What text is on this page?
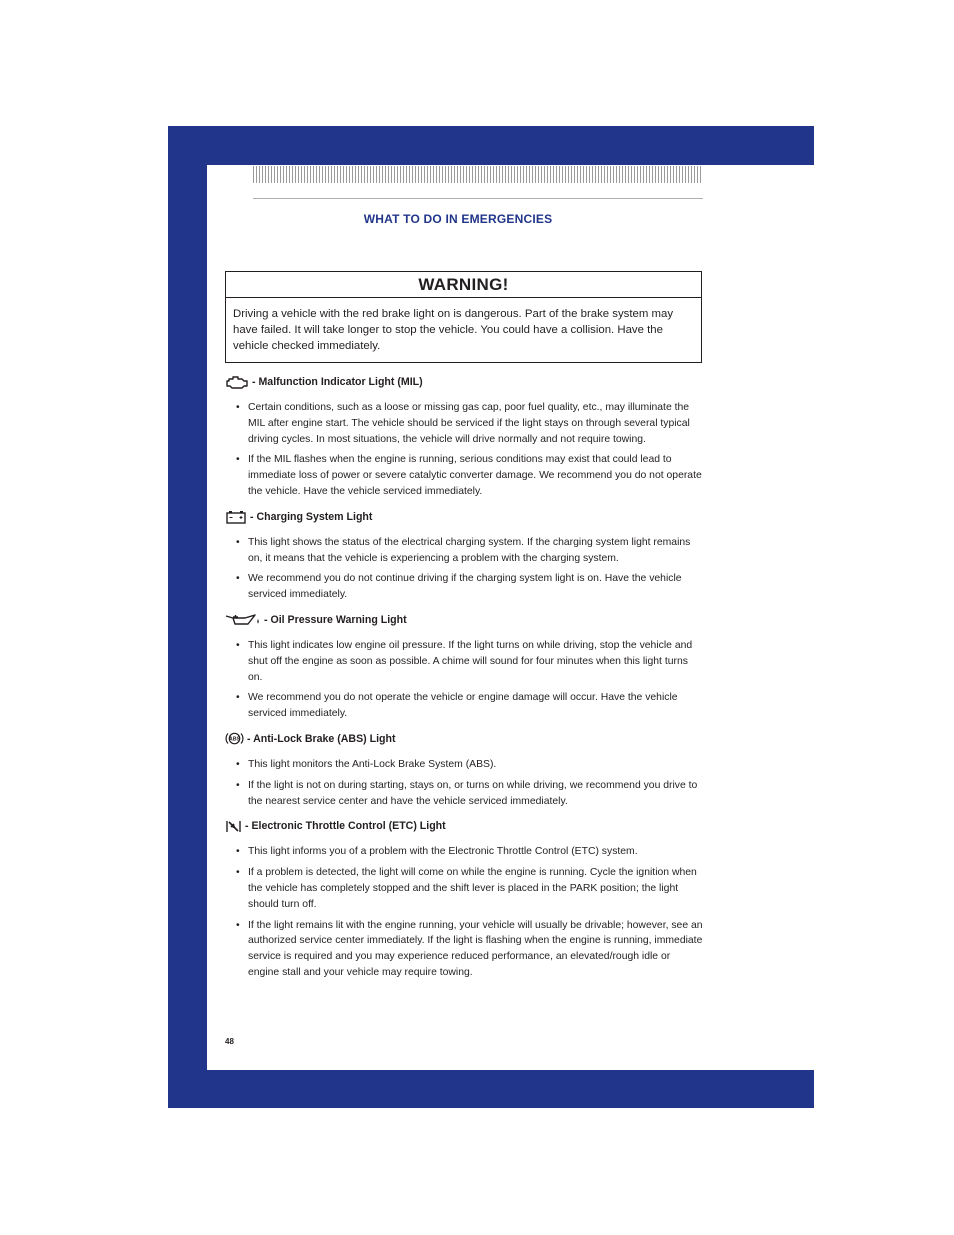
WHAT TO DO IN EMERGENCIES
WARNING!
Driving a vehicle with the red brake light on is dangerous. Part of the brake system may have failed. It will take longer to stop the vehicle. You could have a collision. Have the vehicle checked immediately.
- Malfunction Indicator Light (MIL)
• Certain conditions, such as a loose or missing gas cap, poor fuel quality, etc., may illuminate the MIL after engine start. The vehicle should be serviced if the light stays on through several typical driving cycles. In most situations, the vehicle will drive normally and not require towing.
• If the MIL flashes when the engine is running, serious conditions may exist that could lead to immediate loss of power or severe catalytic converter damage. We recommend you do not operate the vehicle. Have the vehicle serviced immediately.
- Charging System Light
• This light shows the status of the electrical charging system. If the charging system light remains on, it means that the vehicle is experiencing a problem with the charging system.
• We recommend you do not continue driving if the charging system light is on. Have the vehicle serviced immediately.
- Oil Pressure Warning Light
• This light indicates low engine oil pressure. If the light turns on while driving, stop the vehicle and shut off the engine as soon as possible. A chime will sound for four minutes when this light turns on.
• We recommend you do not operate the vehicle or engine damage will occur. Have the vehicle serviced immediately.
ABS - Anti-Lock Brake (ABS) Light
• This light monitors the Anti-Lock Brake System (ABS).
• If the light is not on during starting, stays on, or turns on while driving, we recommend you drive to the nearest service center and have the vehicle serviced immediately.
- Electronic Throttle Control (ETC) Light
• This light informs you of a problem with the Electronic Throttle Control (ETC) system.
• If a problem is detected, the light will come on while the engine is running. Cycle the ignition when the vehicle has completely stopped and the shift lever is placed in the PARK position; the light should turn off.
• If the light remains lit with the engine running, your vehicle will usually be drivable; however, see an authorized service center immediately. If the light is flashing when the engine is running, immediate service is required and you may experience reduced performance, an elevated/rough idle or engine stall and your vehicle may require towing.
48
